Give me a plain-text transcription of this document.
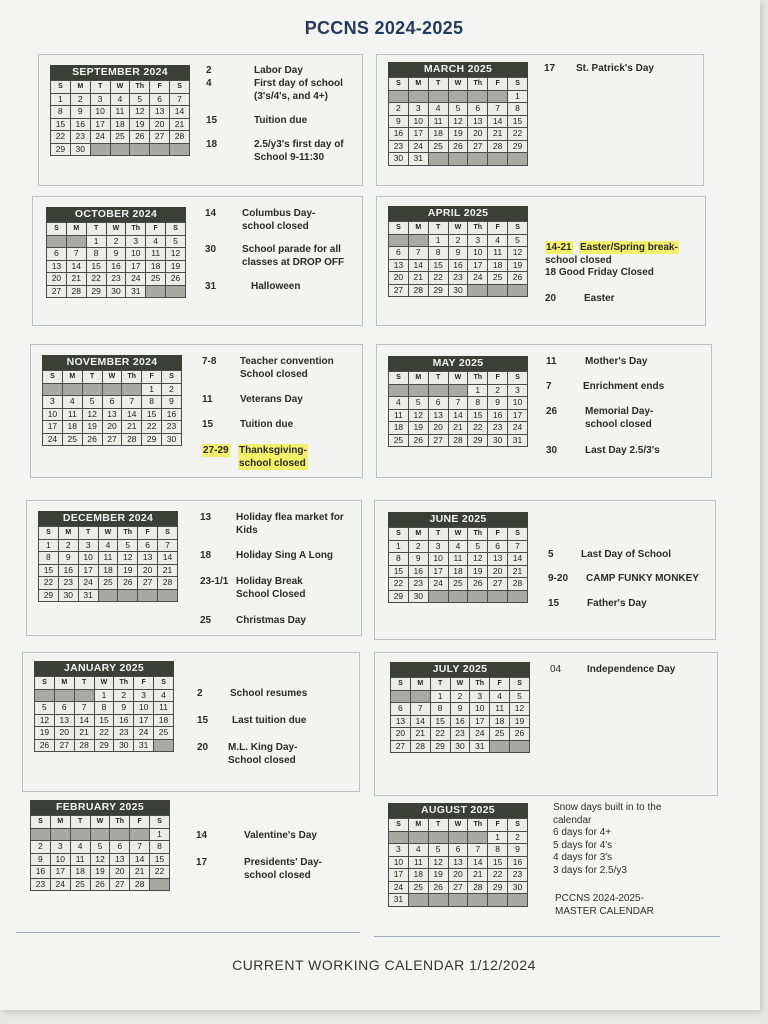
PCCNS 2024-2025
SEPTEMBER 2024
S	M	T	W	Th	F	S
1	2	3	4	5	6	7
8	9	10	11	12	13	14
15	16	17	18	19	20	21
22	23	24	25	26	27	28
29	30					
OCTOBER 2024
S	M	T	W	Th	F	S
		1	2	3	4	5
6	7	8	9	10	11	12
13	14	15	16	17	18	19
20	21	22	23	24	25	26
27	28	29	30	31		
NOVEMBER 2024
S	M	T	W	Th	F	S
					1	2
3	4	5	6	7	8	9
10	11	12	13	14	15	16
17	18	19	20	21	22	23
24	25	26	27	28	29	30
DECEMBER 2024
S	M	T	W	Th	F	S
1	2	3	4	5	6	7
8	9	10	11	12	13	14
15	16	17	18	19	20	21
22	23	24	25	26	27	28
29	30	31				
JANUARY 2025
S	M	T	W	Th	F	S
			1	2	3	4
5	6	7	8	9	10	11
12	13	14	15	16	17	18
19	20	21	22	23	24	25
26	27	28	29	30	31	
FEBRUARY 2025
S	M	T	W	Th	F	S
						1
2	3	4	5	6	7	8
9	10	11	12	13	14	15
16	17	18	19	20	21	22
23	24	25	26	27	28	
MARCH 2025
S	M	T	W	Th	F	S
						1
2	3	4	5	6	7	8
9	10	11	12	13	14	15
16	17	18	19	20	21	22
23	24	25	26	27	28	29
30	31					
APRIL 2025
S	M	T	W	Th	F	S
		1	2	3	4	5
6	7	8	9	10	11	12
13	14	15	16	17	18	19
20	21	22	23	24	25	26
27	28	29	30			
MAY 2025
S	M	T	W	Th	F	S
				1	2	3
4	5	6	7	8	9	10
11	12	13	14	15	16	17
18	19	20	21	22	23	24
25	26	27	28	29	30	31
JUNE 2025
S	M	T	W	Th	F	S
1	2	3	4	5	6	7
8	9	10	11	12	13	14
15	16	17	18	19	20	21
22	23	24	25	26	27	28
29	30					
JULY 2025
S	M	T	W	Th	F	S
		1	2	3	4	5
6	7	8	9	10	11	12
13	14	15	16	17	18	19
20	21	22	23	24	25	26
27	28	29	30	31		
AUGUST 2025
S	M	T	W	Th	F	S
					1	2
3	4	5	6	7	8	9
10	11	12	13	14	15	16
17	18	19	20	21	22	23
24	25	26	27	28	29	30
31						
2	Labor Day
4	First day of school
(3's/4's, and 4+)
15	Tuition due
18	2.5/y3's first day of
School 9-11:30
14	Columbus Day-
school closed
30	School parade for all
classes at DROP OFF
31	Halloween
7-8 Teacher convention
School closed
11	Veterans Day
15	Tuition due
27-29 Thanksgiving-
school closed
13 Holiday flea market for
Kids
18 Holiday Sing A Long
23-1/1 Holiday Break
School Closed
25 Christmas Day
2	School resumes
15 Last tuition due
20 M.L. King Day-
School closed
14	Valentine's Day
17	Presidents' Day-
school closed
17 St. Patrick's Day
14-21 Easter/Spring break-
school closed
18 Good Friday Closed
20	Easter
11	Mother's Day
7	Enrichment ends
26	Memorial Day-
school closed
30	Last Day 2.5/3's
5	Last Day of School
9-20 CAMP FUNKY MONKEY
15	Father's Day
04	Independence Day
Snow days built in to the
calendar
6 days for 4+
5 days for 4's
4 days for 3's
3 days for 2.5/y3
PCCNS 2024-2025-
MASTER CALENDAR
CURRENT WORKING CALENDAR 1/12/2024
